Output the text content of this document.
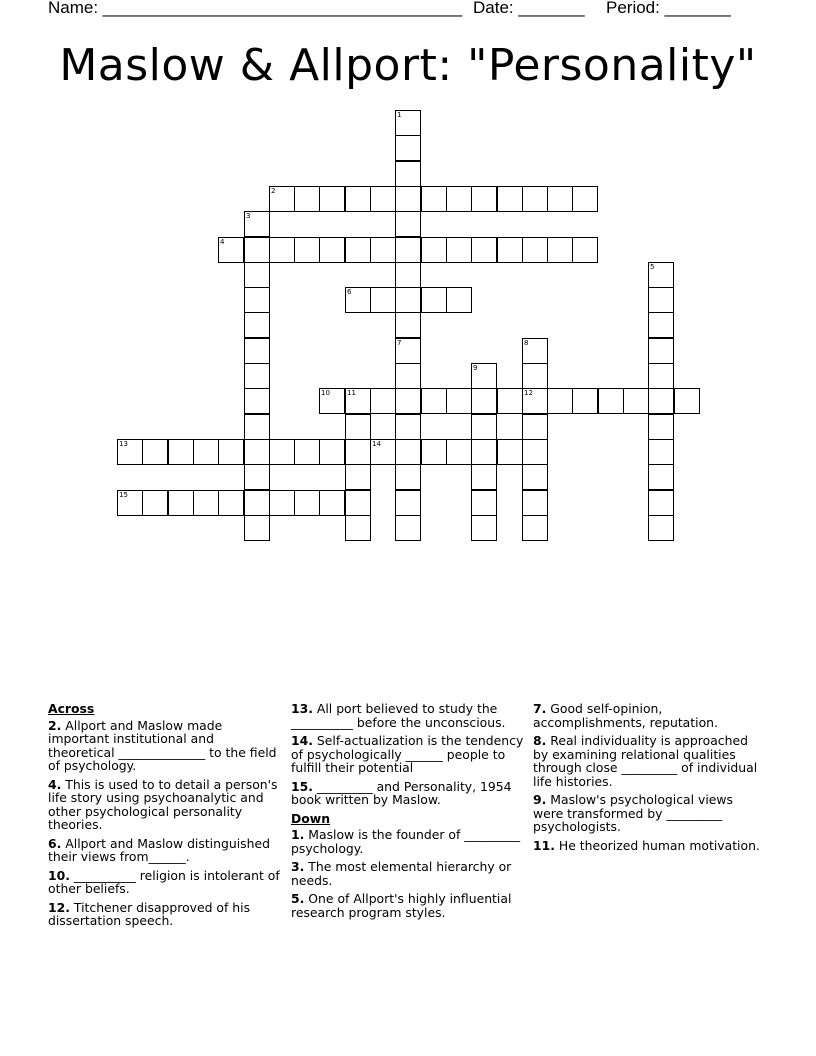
Name: ______________________________________ Date: _______ Period: _______
Maslow & Allport: "Personality"
1
7
2
3
4
5
6
8
12
9
10 11
13	14
15
Across
2. Allport and Maslow made important institutional and theoretical ______________ to the field of psychology.
4. This is used to to detail a person's life story using psychoanalytic and other psychological personality theories.
6. Allport and Maslow distinguished their views from______.
10. __________ religion is intolerant of other beliefs.
12. Titchener disapproved of his dissertation speech.
13. All port believed to study the __________ before the unconscious.
14. Self-actualization is the tendency of psychologically ______ people to fulfill their potential
15. _________ and Personality, 1954 book written by Maslow.
Down
1. Maslow is the founder of _________ psychology.
3. The most elemental hierarchy or needs.
5. One of Allport's highly influential research program styles.
7. Good self-opinion, accomplishments, reputation.
8. Real individuality is approached by examining relational qualities through close _________ of individual life histories.
9. Maslow's psychological views were transformed by _________ psychologists.
11. He theorized human motivation.
